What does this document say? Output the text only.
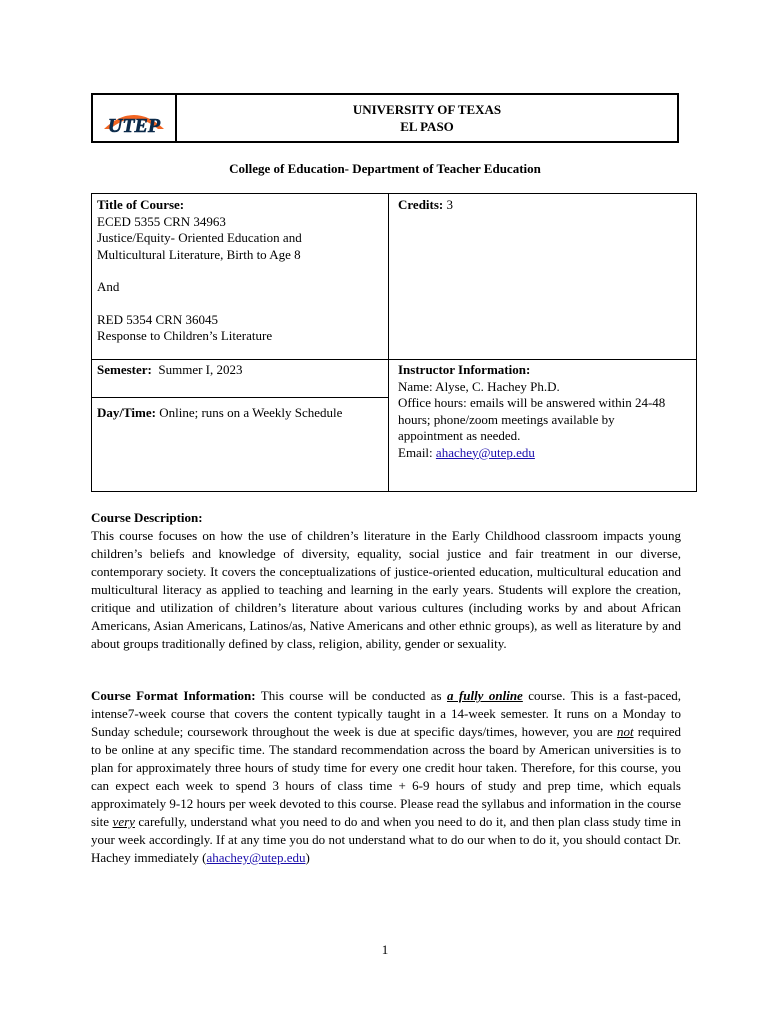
UTEP
UNIVERSITY OF TEXAS
EL PASO
College of Education- Department of Teacher Education
Title of Course:
ECED 5355 CRN 34963
Justice/Equity- Oriented Education and
Multicultural Literature, Birth to Age 8
And
RED 5354 CRN 36045
Response to Children’s Literature
Credits: 3
Semester: Summer I, 2023
Day/Time: Online; runs on a Weekly Schedule
Instructor Information:
Name: Alyse, C. Hachey Ph.D.
Office hours: emails will be answered within 24-48
hours; phone/zoom meetings available by
appointment as needed.
Email: ahachey@utep.edu
Course Description:
This course focuses on how the use of children’s literature in the Early Childhood classroom impacts young children’s beliefs and knowledge of diversity, equality, social justice and fair treatment in our diverse, contemporary society. It covers the conceptualizations of justice-oriented education, multicultural education and multicultural literacy as applied to teaching and learning in the early years. Students will explore the creation, critique and utilization of children’s literature about various cultures (including works by and about African Americans, Asian Americans, Latinos/as, Native Americans and other ethnic groups), as well as literature by and about groups traditionally defined by class, religion, ability, gender or sexuality.
Course Format Information: This course will be conducted as a fully online course. This is a fast-paced, intense7-week course that covers the content typically taught in a 14-week semester. It runs on a Monday to Sunday schedule; coursework throughout the week is due at specific days/times, however, you are not required to be online at any specific time. The standard recommendation across the board by American universities is to plan for approximately three hours of study time for every one credit hour taken. Therefore, for this course, you can expect each week to spend 3 hours of class time + 6-9 hours of study and prep time, which equals approximately 9-12 hours per week devoted to this course. Please read the syllabus and information in the course site very carefully, understand what you need to do and when you need to do it, and then plan class study time in your week accordingly. If at any time you do not understand what to do our when to do it, you should contact Dr. Hachey immediately (ahachey@utep.edu)
1
